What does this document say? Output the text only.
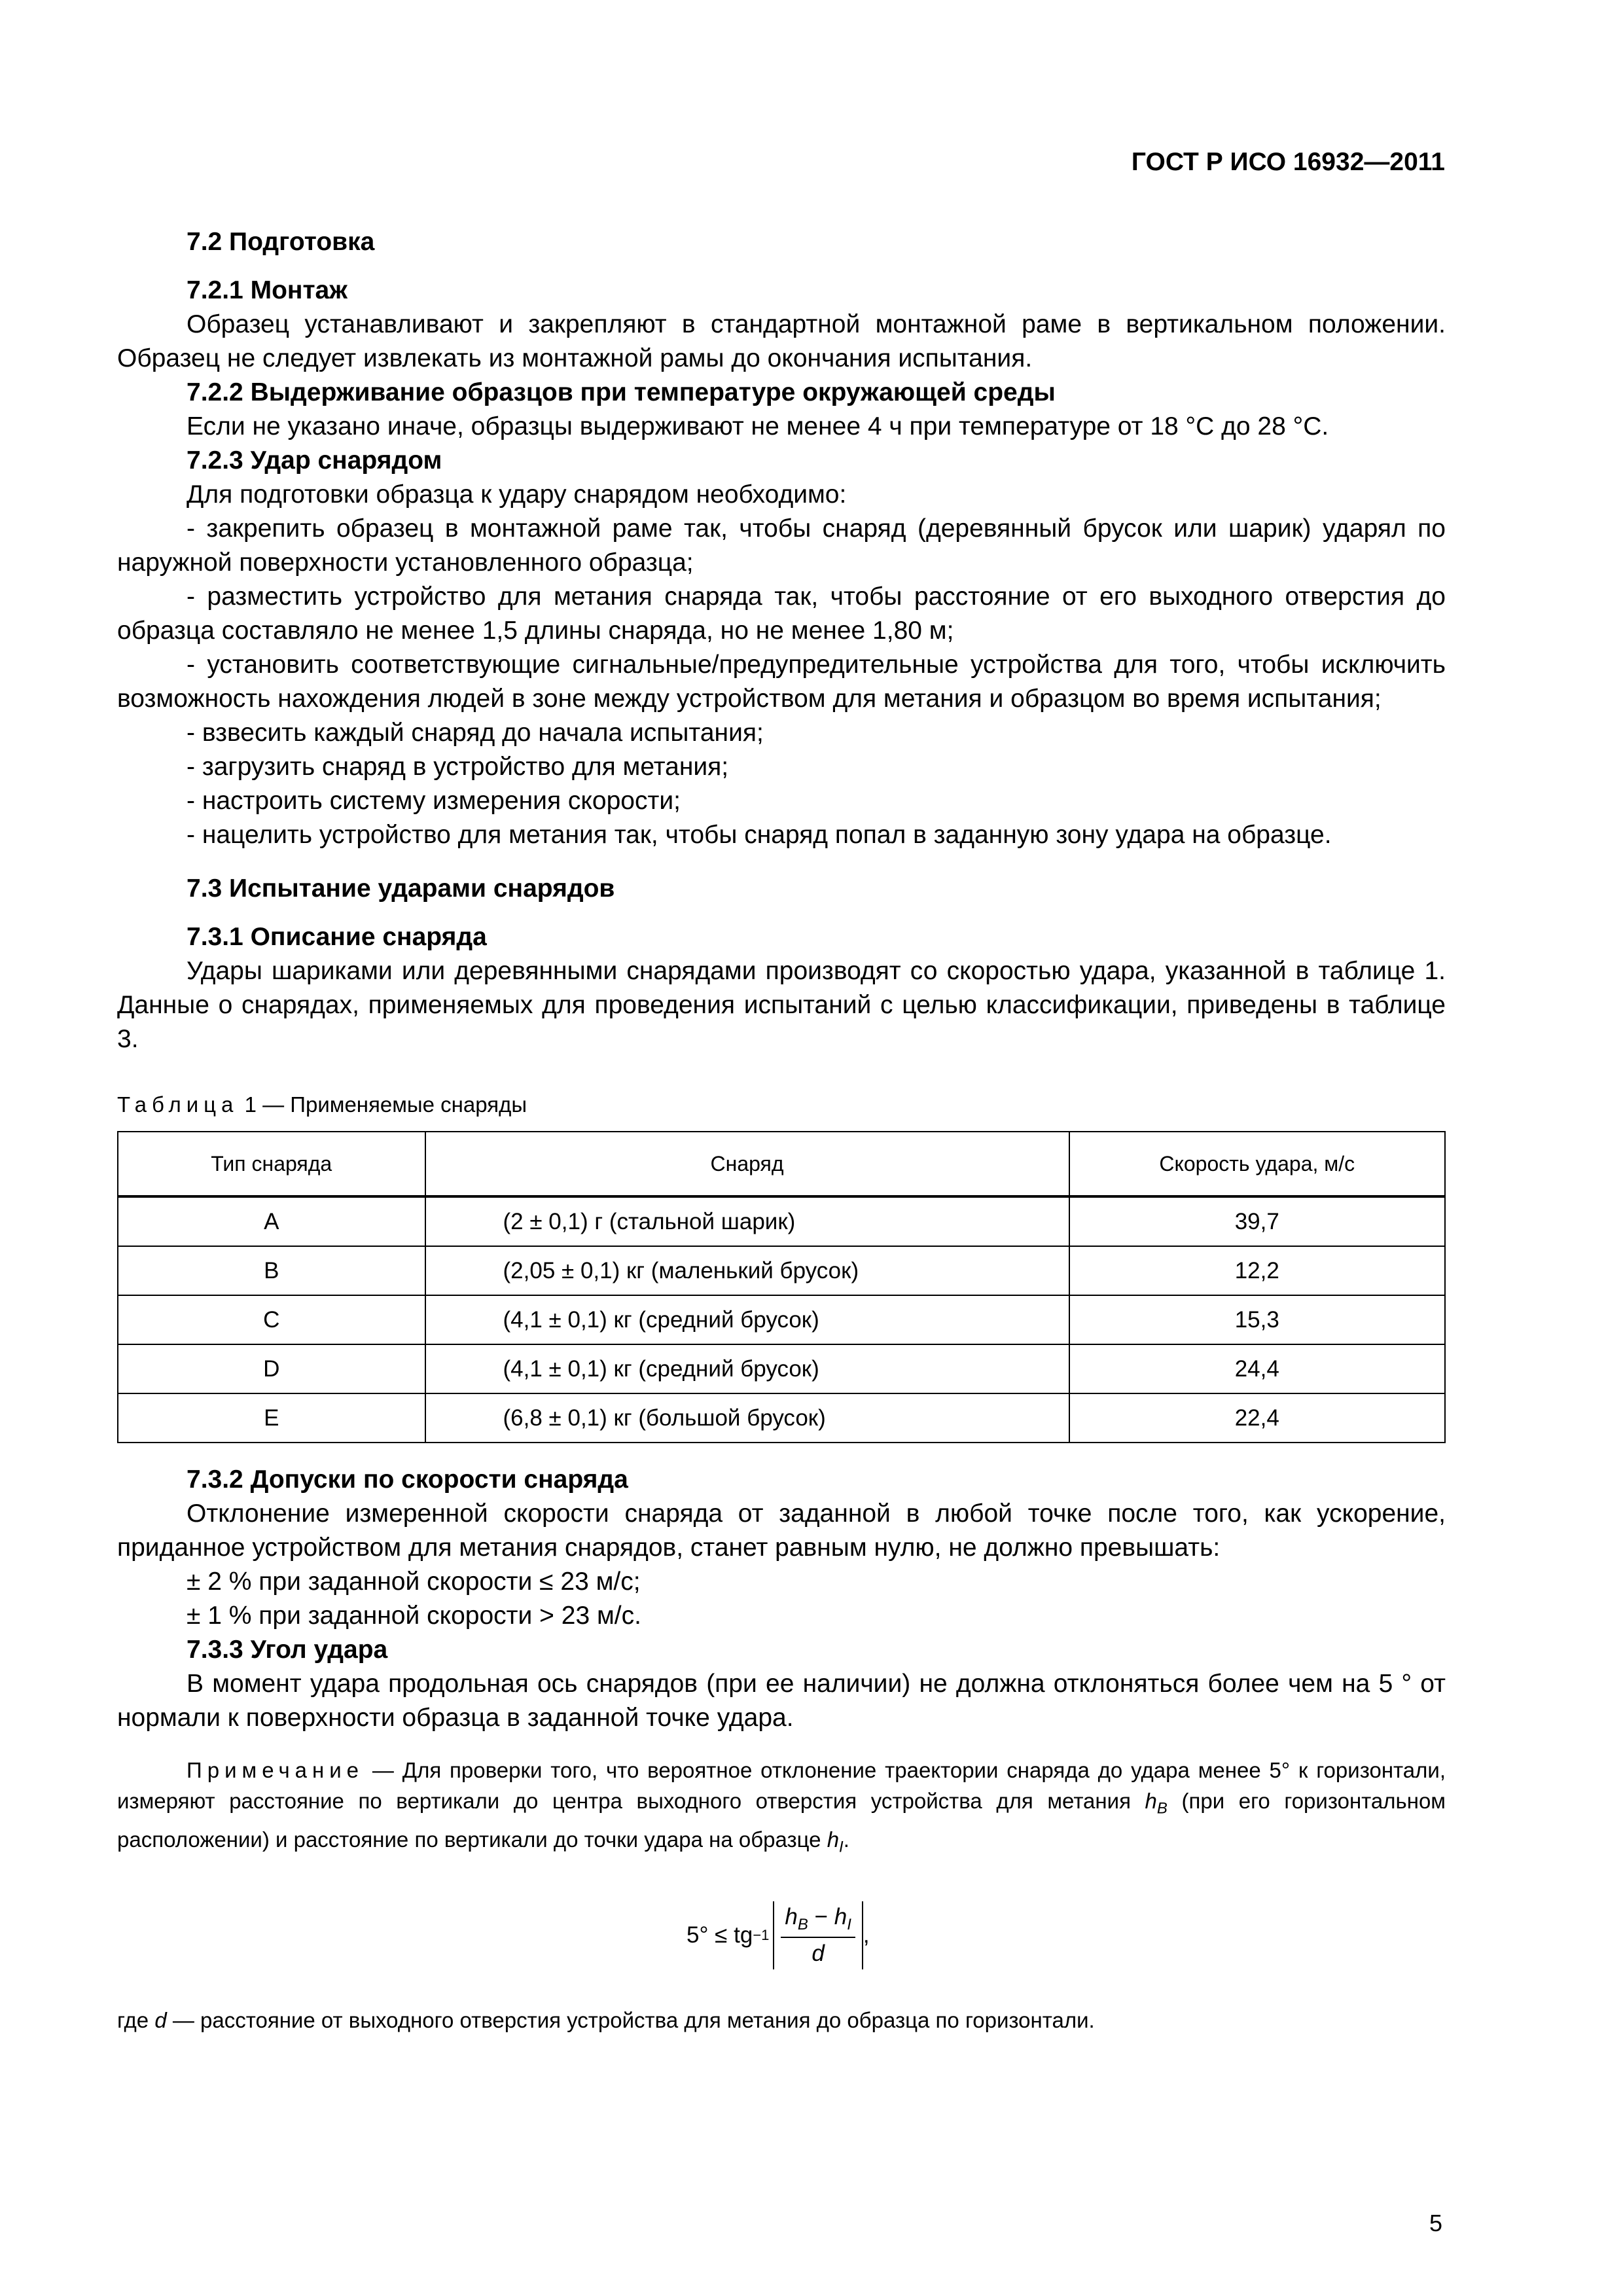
ГОСТ Р ИСО 16932—2011

7.2 Подготовка

7.2.1 Монтаж

Образец устанавливают и закрепляют в стандартной монтажной раме в вертикальном положении. Образец не следует извлекать из монтажной рамы до окончания испытания.

7.2.2 Выдерживание образцов при температуре окружающей среды

Если не указано иначе, образцы выдерживают не менее 4 ч при температуре от 18 °С до 28 °С.

7.2.3 Удар снарядом

Для подготовки образца к удару снарядом необходимо:

- закрепить образец в монтажной раме так, чтобы снаряд (деревянный брусок или шарик) ударял по наружной поверхности установленного образца;

- разместить устройство для метания снаряда так, чтобы расстояние от его выходного отверстия до образца составляло не менее 1,5 длины снаряда, но не менее 1,80 м;

- установить соответствующие сигнальные/предупредительные устройства для того, чтобы исключить возможность нахождения людей в зоне между устройством для метания и образцом во время испытания;

- взвесить каждый снаряд до начала испытания;

- загрузить снаряд в устройство для метания;

- настроить систему измерения скорости;

- нацелить устройство для метания так, чтобы снаряд попал в заданную зону удара на образце.

7.3 Испытание ударами снарядов

7.3.1 Описание снаряда

Удары шариками или деревянными снарядами производят со скоростью удара, указанной в таблице 1. Данные о снарядах, применяемых для проведения испытаний с целью классификации, приведены в таблице 3.

Таблица 1 — Применяемые снаряды

Тип снаряда	Снаряд	Скорость удара, м/с
A	(2 ± 0,1) г (стальной шарик)	39,7
B	(2,05 ± 0,1) кг (маленький брусок)	12,2
C	(4,1 ± 0,1) кг (средний брусок)	15,3
D	(4,1 ± 0,1) кг (средний брусок)	24,4
E	(6,8 ± 0,1) кг (большой брусок)	22,4

7.3.2 Допуски по скорости снаряда

Отклонение измеренной скорости снаряда от заданной в любой точке после того, как ускорение, приданное устройством для метания снарядов, станет равным нулю, не должно превышать:

± 2 % при заданной скорости ≤ 23 м/с;

± 1 % при заданной скорости > 23 м/с.

7.3.3 Угол удара

В момент удара продольная ось снарядов (при ее наличии) не должна отклоняться более чем на 5 ° от нормали к поверхности образца в заданной точке удара.

Примечание — Для проверки того, что вероятное отклонение траектории снаряда до удара менее 5° к горизонтали, измеряют расстояние по вертикали до центра выходного отверстия устройства для метания $h_B$ (при его горизонтальном расположении) и расстояние по вертикали до точки удара на образце $h_I$.

5° ≤ tg $-1 \frac{h_B - h_I}{d}$ ,

где d — расстояние от выходного отверстия устройства для метания до образца по горизонтали.

5
